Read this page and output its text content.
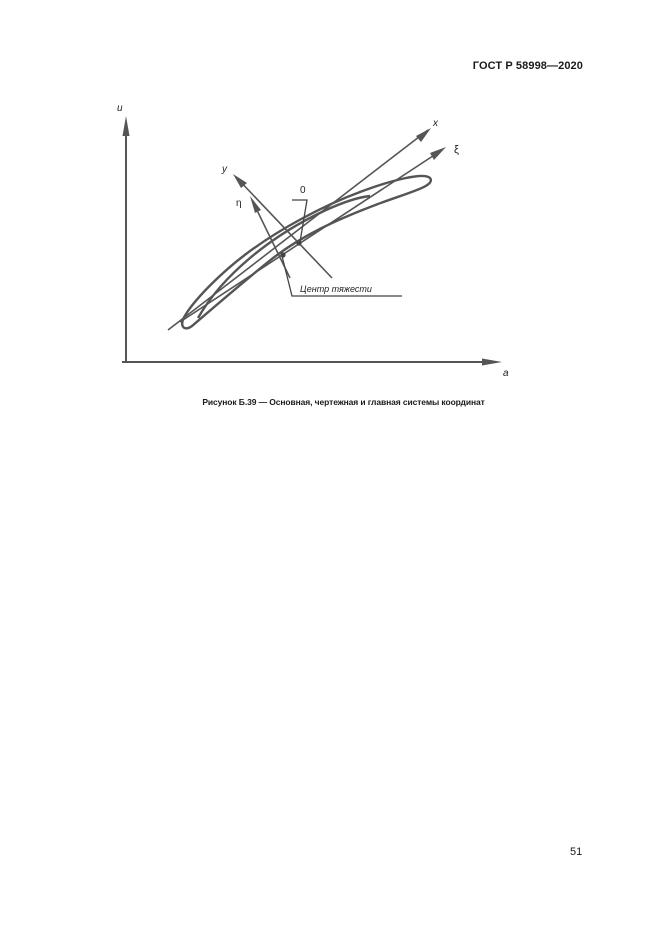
ГОСТ Р 58998—2020
u
a
x
ξ
y
η
0
Центр тяжести
Рисунок Б.39 — Основная, чертежная и главная системы координат
51
